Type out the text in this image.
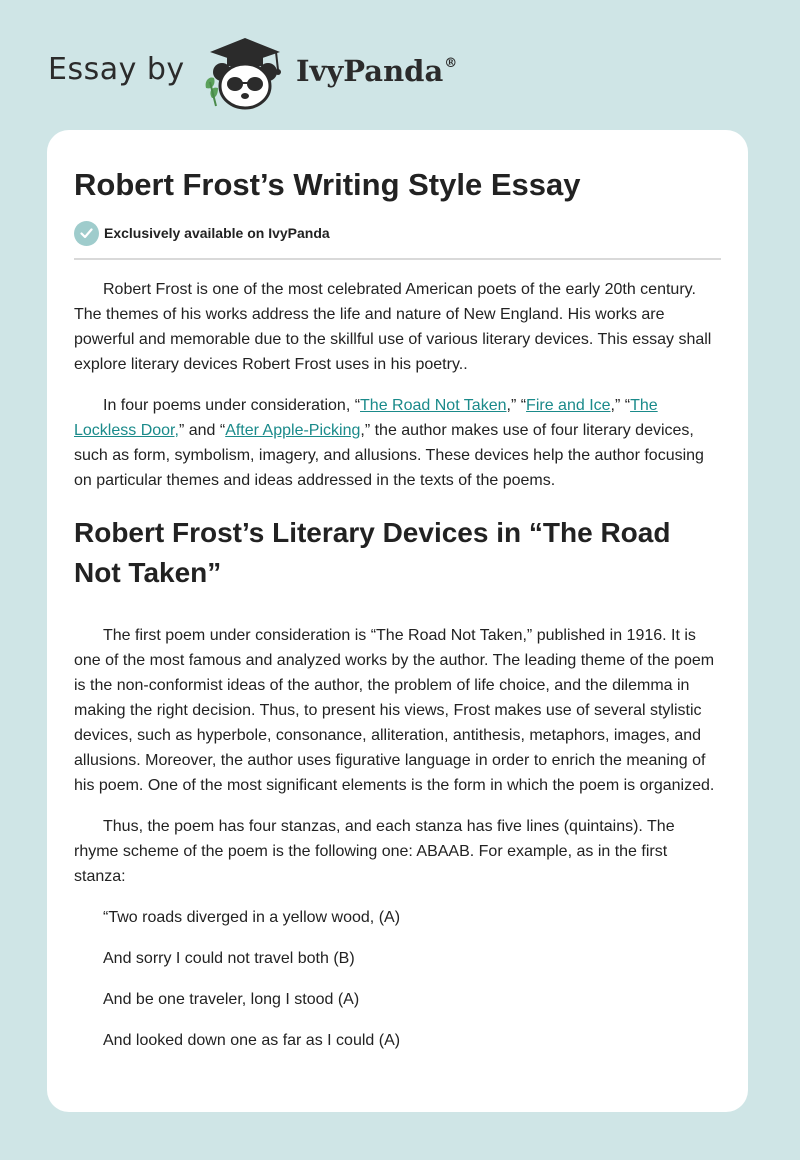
Essay by	IvyPanda®
Robert Frost’s Writing Style Essay
Exclusively available on IvyPanda

Robert Frost is one of the most celebrated American poets of the early 20th century. The themes of his works address the life and nature of New England. His works are powerful and memorable due to the skillful use of various literary devices. This essay shall explore literary devices Robert Frost uses in his poetry..

In four poems under consideration, “The Road Not Taken,” “Fire and Ice,” “The Lockless Door,” and “After Apple-Picking,” the author makes use of four literary devices, such as form, symbolism, imagery, and allusions. These devices help the author focusing on particular themes and ideas addressed in the texts of the poems.

Robert Frost’s Literary Devices in “The Road Not Taken”

The first poem under consideration is “The Road Not Taken,” published in 1916. It is one of the most famous and analyzed works by the author. The leading theme of the poem is the non-conformist ideas of the author, the problem of life choice, and the dilemma in making the right decision. Thus, to present his views, Frost makes use of several stylistic devices, such as hyperbole, consonance, alliteration, antithesis, metaphors, images, and allusions. Moreover, the author uses figurative language in order to enrich the meaning of his poem. One of the most significant elements is the form in which the poem is organized.

Thus, the poem has four stanzas, and each stanza has five lines (quintains). The rhyme scheme of the poem is the following one: ABAAB. For example, as in the first stanza:

“Two roads diverged in a yellow wood, (A)

And sorry I could not travel both (B)

And be one traveler, long I stood (A)

And looked down one as far as I could (A)
